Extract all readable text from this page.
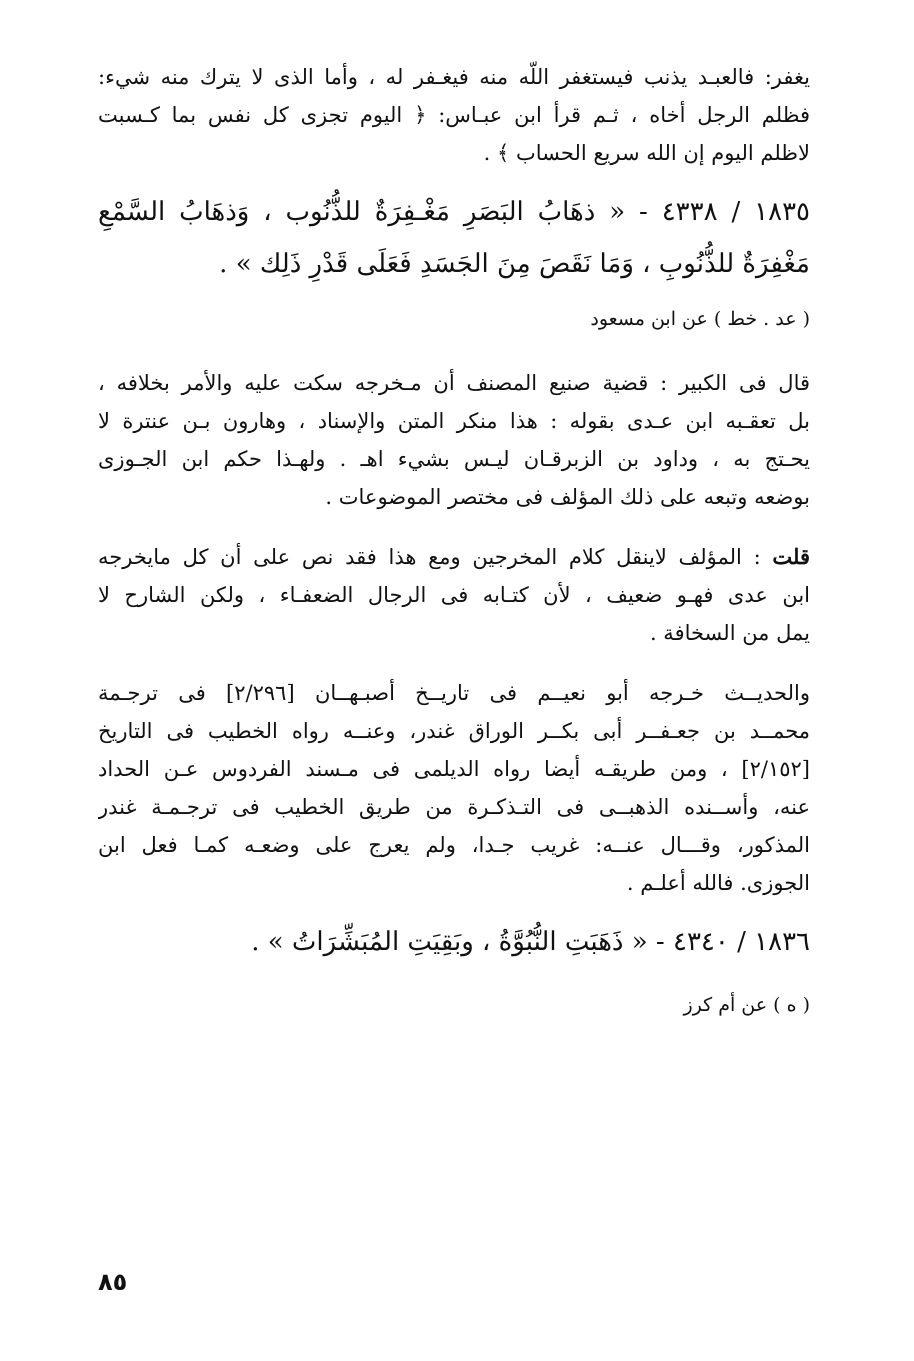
يغفر: فالعبـد يذنب فيستغفر اللّه منه فيغـفر له ، وأما الذى لا يترك منه شيء:
فظلم الرجل أخاه ، ثـم قرأ ابن عبـاس: ﴿ اليوم تجزى كل نفس بما كـسبت
لاظلم اليوم إن الله سريع الحساب ﴾ .
١٨٣٥ / ٤٣٣٨ - « ذهَابُ البَصَرِ مَغْـفِرَةٌ للذُّنُوب ، وَذهَابُ السَّمْعِ
مَغْفِرَةٌ للذُّنُوبِ ، وَمَا نَقَصَ مِنَ الجَسَدِ فَعَلَى قَدْرِ ذَلِك » .
( عد . خط ) عن ابن مسعود
قال فى الكبير : قضية صنيع المصنف أن مـخرجه سكت عليه والأمر بخلافه ،
بل تعقـبه ابن عـدى بقوله : هذا منكر المتن والإسناد ، وهارون بـن عنترة لا
يحـتج به ، وداود بن الزبرقـان ليـس بشيء اهـ . ولهـذا حكم ابن الجـوزى
بوضعه وتبعه على ذلك المؤلف فى مختصر الموضوعات .
قلت : المؤلف لاينقل كلام المخرجين ومع هذا فقد نص على أن كل مايخرجه
ابن عدى فهـو ضعيف ، لأن كتـابه فى الرجال الضعفـاء ، ولكن الشارح لا
يمل من السخافة .
والحديــث خـرجه أبو نعيــم فى تاريــخ أصبـهــان [٢/٢٩٦] فى ترجـمة
محمــد بن جعـفــر أبى بكــر الوراق غندر، وعنــه رواه الخطيب فى التاريخ
[٢/١٥٢] ، ومن طريقـه أيضا رواه الديلمى فى مـسند الفردوس عـن الحداد
عنه، وأســنده الذهبــى فى التـذكـرة من طريق الخطيب فى ترجـمـة غندر
المذكور، وقـــال عنــه: غريب جـدا، ولم يعرج على وضعـه كمـا فعل ابن
الجوزى. فالله أعلـم .
١٨٣٦ / ٤٣٤٠ - « ذَهَبَتِ النُّبُوَّةُ ، وبَقِيَتِ المُبَشِّرَاتُ » .
( ه ) عن أم كرز
٨٥
